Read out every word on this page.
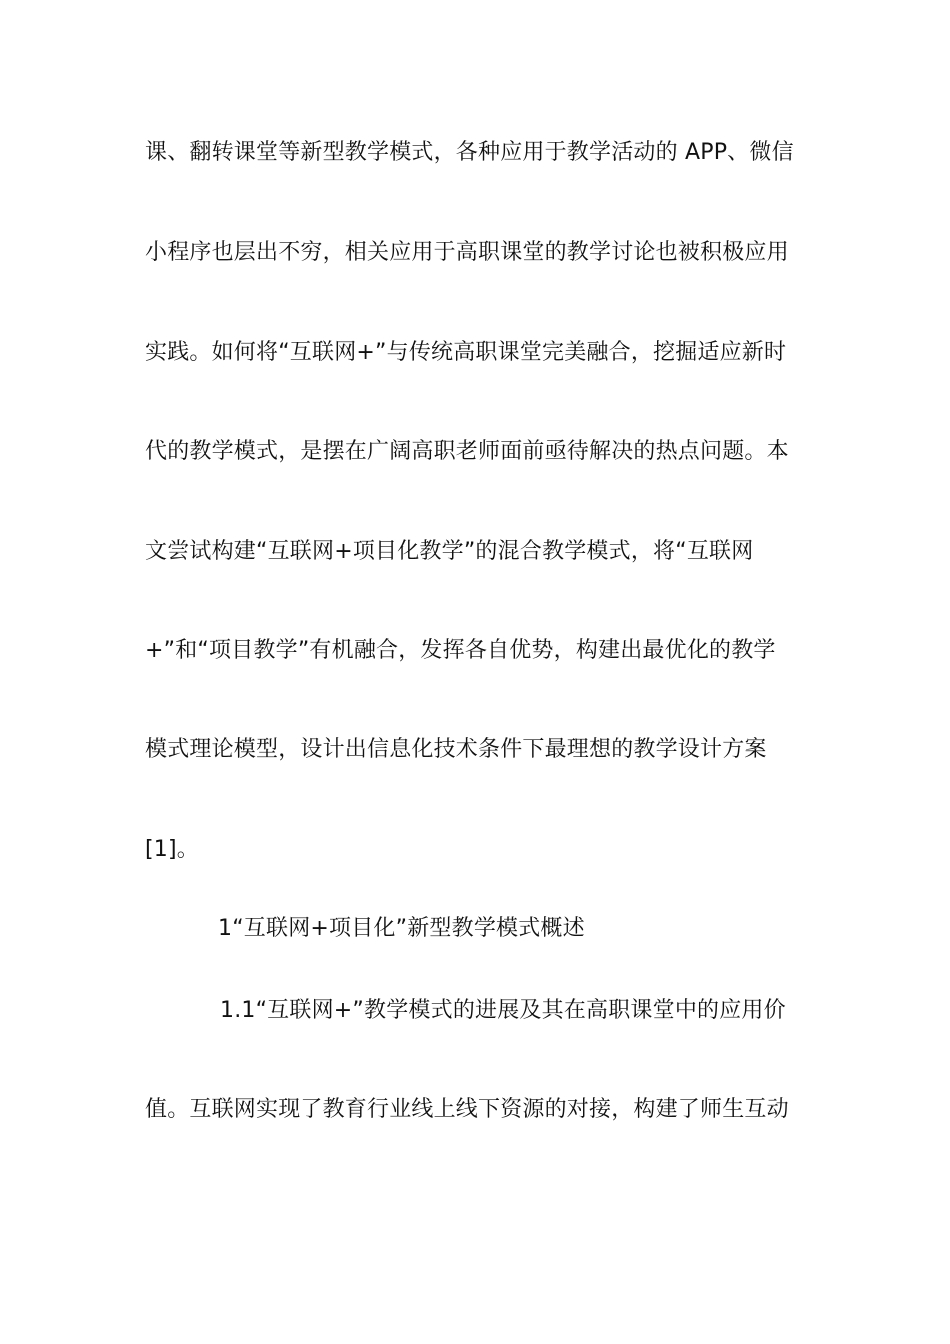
课、翻转课堂等新型教学模式，各种应用于教学活动的 APP、微信
小程序也层出不穷，相关应用于高职课堂的教学讨论也被积极应用
实践。如何将“互联网+”与传统高职课堂完美融合，挖掘适应新时
代的教学模式，是摆在广阔高职老师面前亟待解决的热点问题。本
文尝试构建“互联网+项目化教学”的混合教学模式，将“互联网
+”和“项目教学”有机融合，发挥各自优势，构建出最优化的教学
模式理论模型，设计出信息化技术条件下最理想的教学设计方案
[1]。
1“互联网+项目化”新型教学模式概述
1.1“互联网+”教学模式的进展及其在高职课堂中的应用价
值。互联网实现了教育行业线上线下资源的对接，构建了师生互动
